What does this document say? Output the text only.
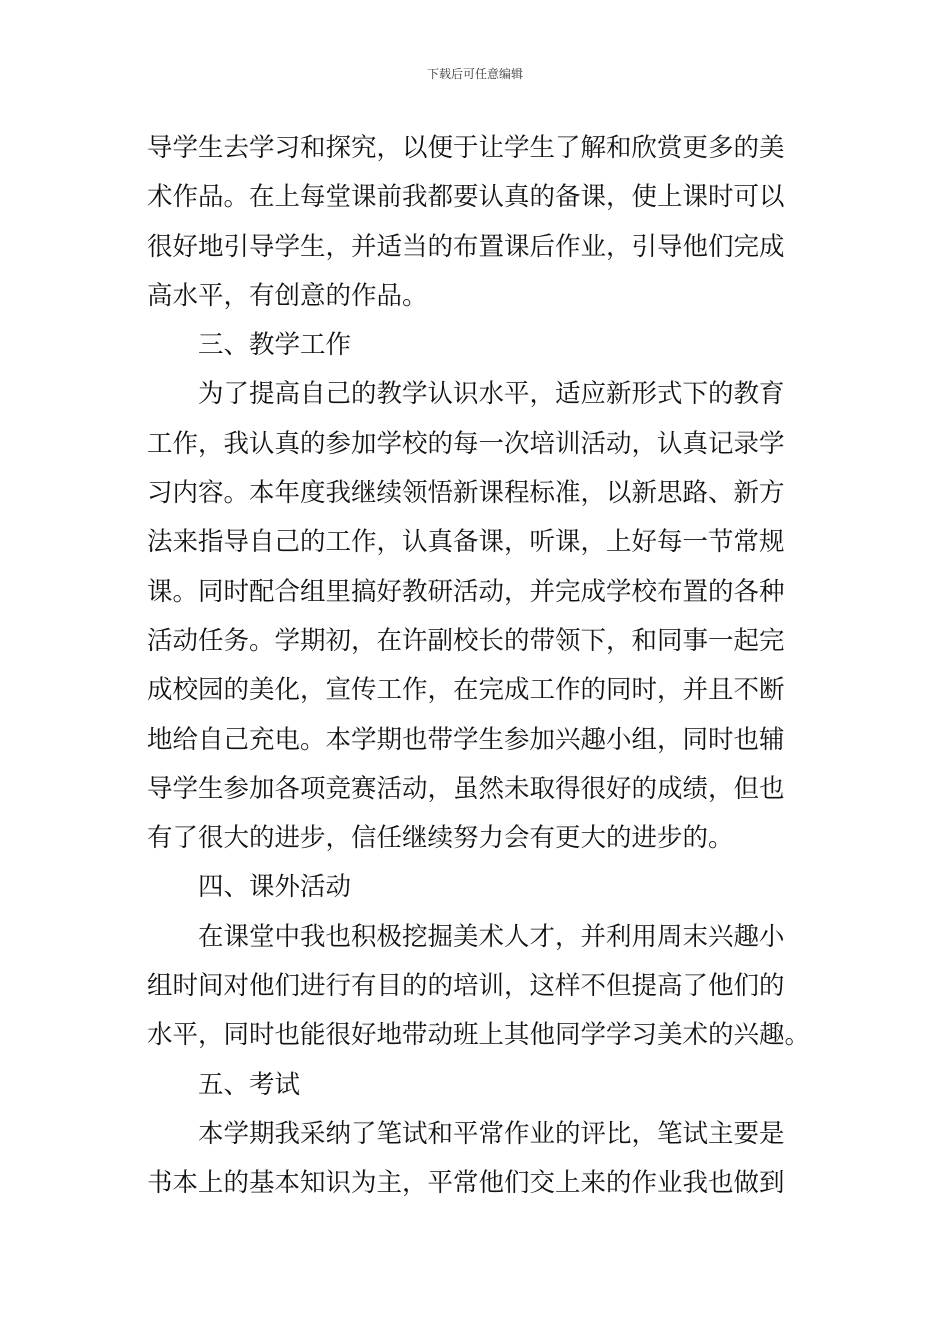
下载后可任意编辑
导学生去学习和探究，以便于让学生了解和欣赏更多的美
术作品。在上每堂课前我都要认真的备课，使上课时可以
很好地引导学生，并适当的布置课后作业，引导他们完成
高水平，有创意的作品。
三、教学工作
为了提高自己的教学认识水平，适应新形式下的教育
工作，我认真的参加学校的每一次培训活动，认真记录学
习内容。本年度我继续领悟新课程标准，以新思路、新方
法来指导自己的工作，认真备课，听课，上好每一节常规
课。同时配合组里搞好教研活动，并完成学校布置的各种
活动任务。学期初，在许副校长的带领下，和同事一起完
成校园的美化，宣传工作，在完成工作的同时，并且不断
地给自己充电。本学期也带学生参加兴趣小组，同时也辅
导学生参加各项竞赛活动，虽然未取得很好的成绩，但也
有了很大的进步，信任继续努力会有更大的进步的。
四、课外活动
在课堂中我也积极挖掘美术人才，并利用周末兴趣小
组时间对他们进行有目的的培训，这样不但提高了他们的
水平，同时也能很好地带动班上其他同学学习美术的兴趣。
五、考试
本学期我采纳了笔试和平常作业的评比，笔试主要是
书本上的基本知识为主，平常他们交上来的作业我也做到
